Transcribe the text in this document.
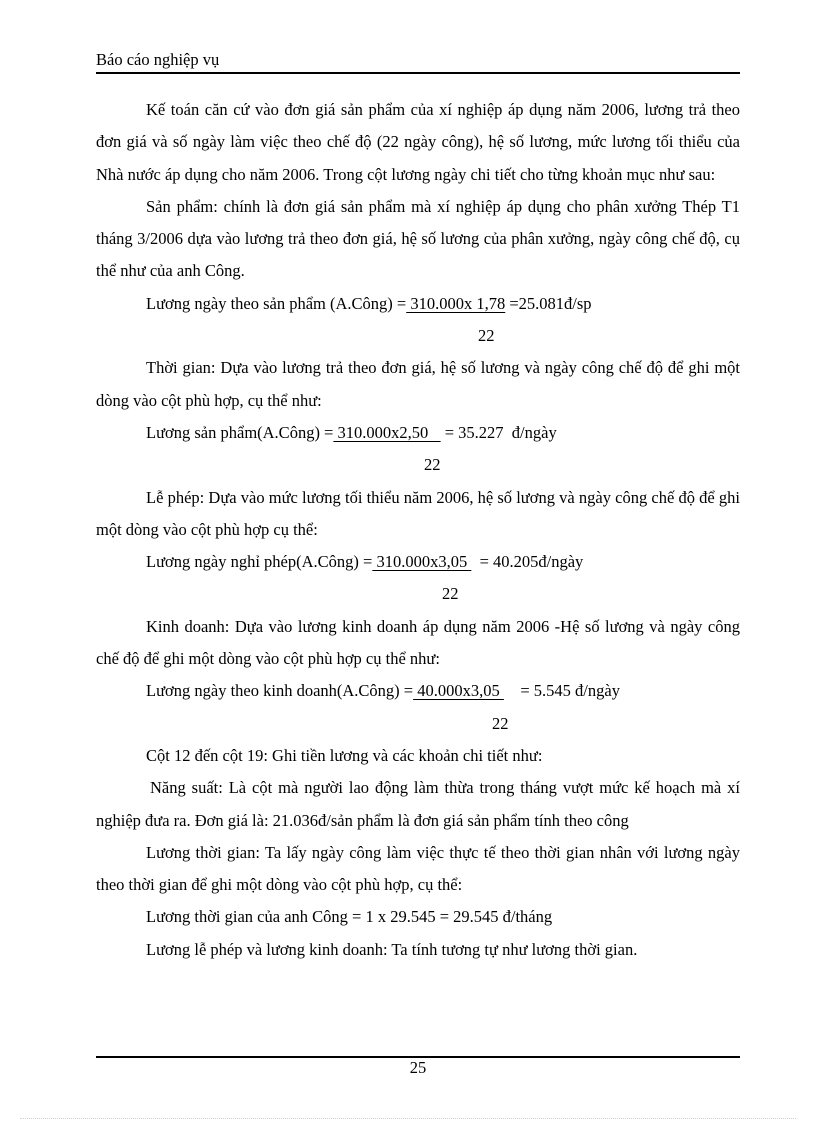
Báo cáo nghiệp vụ

Kế toán căn cứ vào đơn giá sản phẩm của xí nghiệp áp dụng năm 2006, lương trả theo đơn giá và số ngày làm việc theo chế độ (22 ngày công), hệ số lương, mức lương tối thiểu của Nhà nước áp dụng cho năm 2006. Trong cột lương ngày chi tiết cho từng khoản mục như sau:

Sản phẩm: chính là đơn giá sản phẩm mà xí nghiệp áp dụng cho phân xưởng Thép T1 tháng 3/2006 dựa vào lương trả theo đơn giá, hệ số lương của phân xưởng, ngày công chế độ, cụ thể như của anh Công.

Lương ngày theo sản phẩm (A.Công) = 310.000x 1,78 =25.081đ/sp

22

Thời gian: Dựa vào lương trả theo đơn giá, hệ số lương và ngày công chế độ để ghi một dòng vào cột phù hợp, cụ thể như:

Lương sản phẩm(A.Công) = 310.000x2,50    = 35.227  đ/ngày

22

Lễ phép: Dựa vào mức lương tối thiểu năm 2006, hệ số lương và ngày công chế độ để ghi một dòng vào cột phù hợp cụ thể:

Lương ngày nghỉ phép(A.Công) = 310.000x3,05   = 40.205đ/ngày

22

Kinh doanh: Dựa vào lương kinh doanh áp dụng năm 2006 -Hệ số lương và ngày công chế độ để ghi một dòng vào cột phù hợp cụ thể như:

Lương ngày theo kinh doanh(A.Công) = 40.000x3,05     = 5.545 đ/ngày

22

Cột 12 đến cột 19: Ghi tiền lương và các khoản chi tiết như:

Năng suất: Là cột mà người lao động làm thừa trong tháng vượt mức kế hoạch mà xí nghiệp đưa ra. Đơn giá là: 21.036đ/sản phẩm là đơn giá sản phẩm tính theo công

Lương thời gian: Ta lấy ngày công làm việc thực tế theo thời gian nhân với lương ngày theo thời gian để ghi một dòng vào cột phù hợp, cụ thể:

Lương thời gian của anh Công = 1 x 29.545 = 29.545 đ/tháng

Lương lễ phép và lương kinh doanh: Ta tính tương tự như lương thời gian.

25
